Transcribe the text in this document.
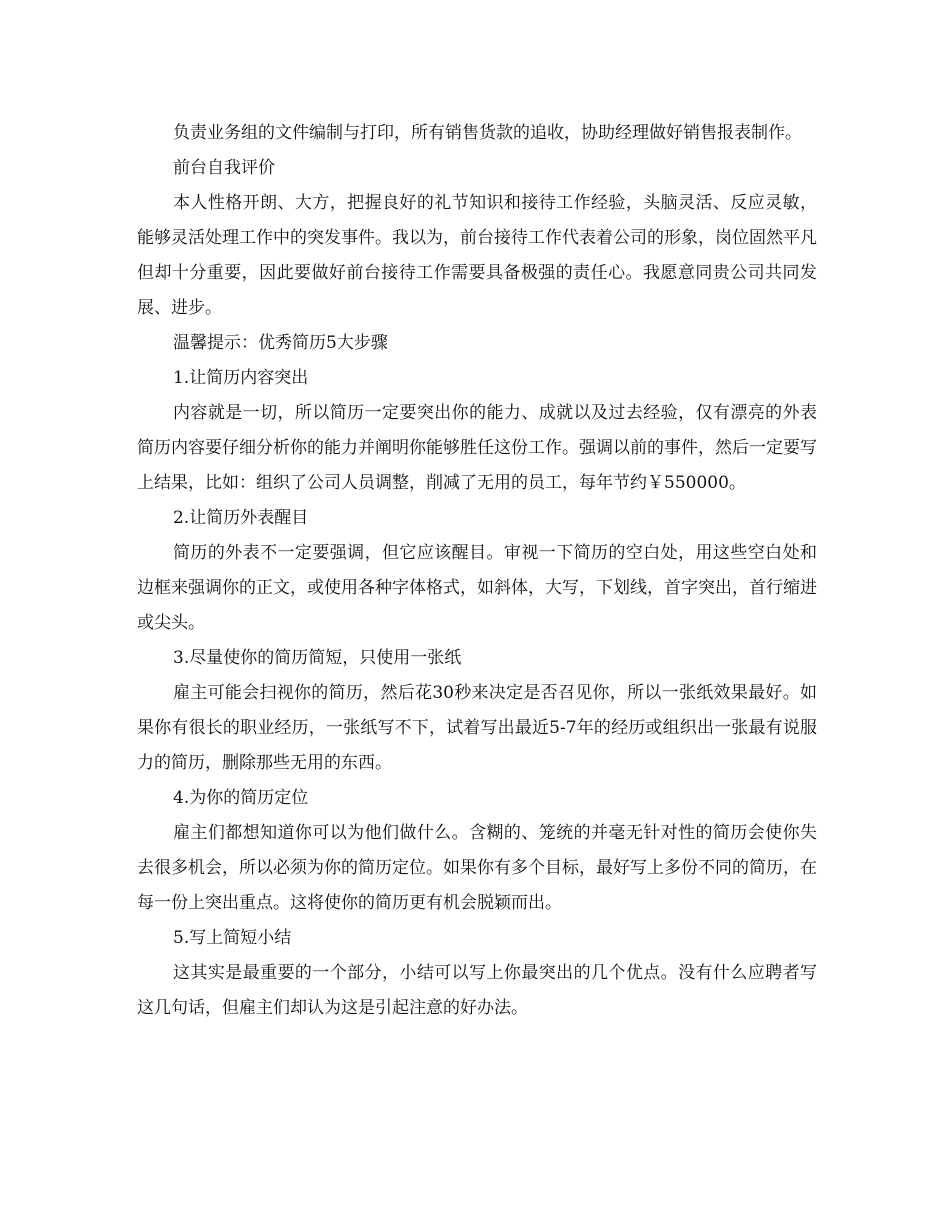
负责业务组的文件编制与打印，所有销售货款的追收，协助经理做好销售报表制作。

前台自我评价

本人性格开朗、大方，把握良好的礼节知识和接待工作经验，头脑灵活、反应灵敏，能够灵活处理工作中的突发事件。我以为，前台接待工作代表着公司的形象，岗位固然平凡但却十分重要，因此要做好前台接待工作需要具备极强的责任心。我愿意同贵公司共同发展、进步。

温馨提示：优秀简历5大步骤

1.让简历内容突出

内容就是一切，所以简历一定要突出你的能力、成就以及过去经验，仅有漂亮的外表简历内容要仔细分析你的能力并阐明你能够胜任这份工作。强调以前的事件，然后一定要写上结果，比如：组织了公司人员调整，削减了无用的员工，每年节约￥550000。

2.让简历外表醒目

简历的外表不一定要强调，但它应该醒目。审视一下简历的空白处，用这些空白处和边框来强调你的正文，或使用各种字体格式，如斜体，大写，下划线，首字突出，首行缩进或尖头。

3.尽量使你的简历简短，只使用一张纸

雇主可能会扫视你的简历，然后花30秒来决定是否召见你，所以一张纸效果最好。如果你有很长的职业经历，一张纸写不下，试着写出最近5-7年的经历或组织出一张最有说服力的简历，删除那些无用的东西。

4.为你的简历定位

雇主们都想知道你可以为他们做什么。含糊的、笼统的并毫无针对性的简历会使你失去很多机会，所以必须为你的简历定位。如果你有多个目标，最好写上多份不同的简历，在每一份上突出重点。这将使你的简历更有机会脱颖而出。

5.写上简短小结

这其实是最重要的一个部分，小结可以写上你最突出的几个优点。没有什么应聘者写这几句话，但雇主们却认为这是引起注意的好办法。
